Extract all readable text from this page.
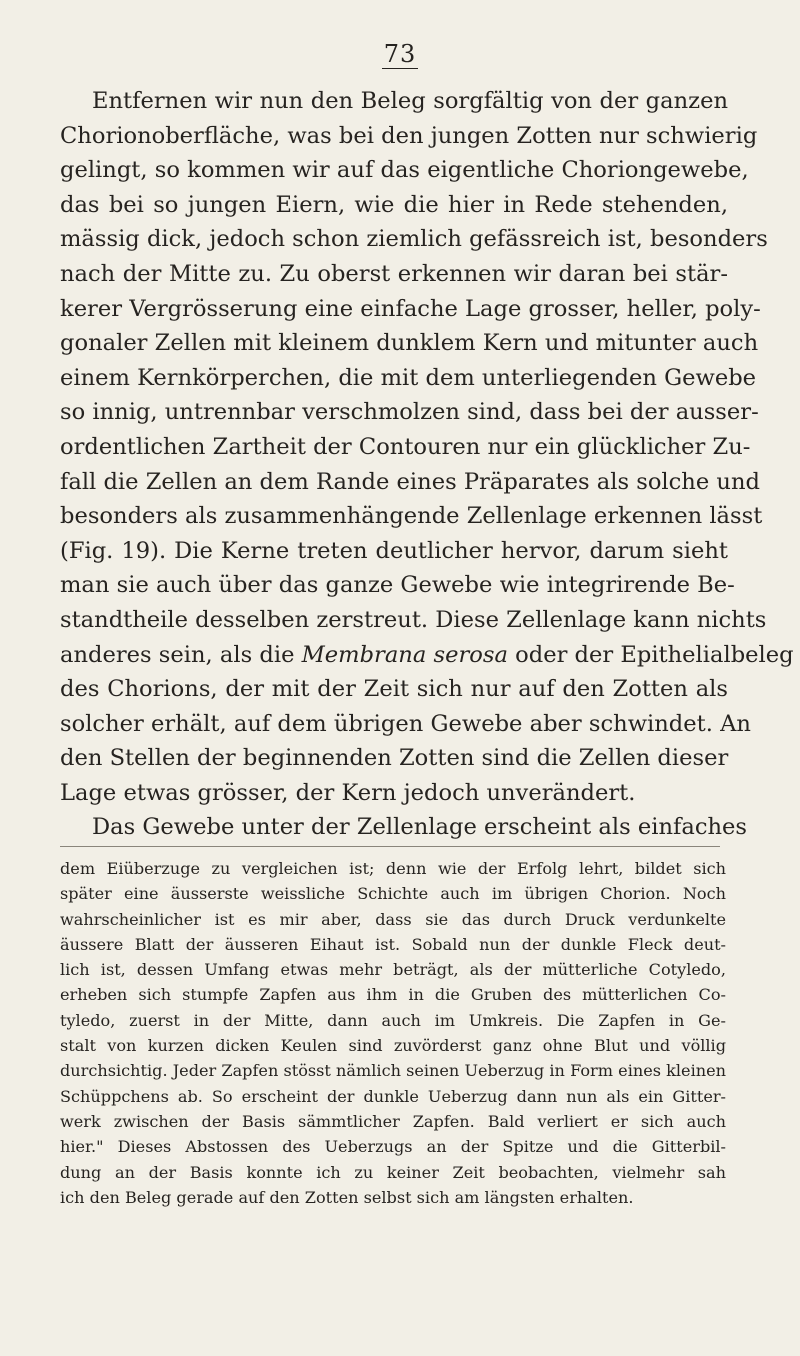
73
Entfernen wir nun den Beleg sorgfältig von der ganzen
Chorionoberfläche, was bei den jungen Zotten nur schwierig
gelingt, so kommen wir auf das eigentliche Choriongewebe,
das bei so jungen Eiern, wie die hier in Rede stehenden,
mässig dick, jedoch schon ziemlich gefässreich ist, besonders
nach der Mitte zu. Zu oberst erkennen wir daran bei stär-
kerer Vergrösserung eine einfache Lage grosser, heller, poly-
gonaler Zellen mit kleinem dunklem Kern und mitunter auch
einem Kernkörperchen, die mit dem unterliegenden Gewebe
so innig, untrennbar verschmolzen sind, dass bei der ausser-
ordentlichen Zartheit der Contouren nur ein glücklicher Zu-
fall die Zellen an dem Rande eines Präparates als solche und
besonders als zusammenhängende Zellenlage erkennen lässt
(Fig. 19). Die Kerne treten deutlicher hervor, darum sieht
man sie auch über das ganze Gewebe wie integrirende Be-
standtheile desselben zerstreut. Diese Zellenlage kann nichts
anderes sein, als die Membrana serosa oder der Epithelialbeleg
des Chorions, der mit der Zeit sich nur auf den Zotten als
solcher erhält, auf dem übrigen Gewebe aber schwindet. An
den Stellen der beginnenden Zotten sind die Zellen dieser
Lage etwas grösser, der Kern jedoch unverändert.
Das Gewebe unter der Zellenlage erscheint als einfaches
dem Eiüberzuge zu vergleichen ist; denn wie der Erfolg lehrt, bildet sich
später eine äusserste weissliche Schichte auch im übrigen Chorion. Noch
wahrscheinlicher ist es mir aber, dass sie das durch Druck verdunkelte
äussere Blatt der äusseren Eihaut ist. Sobald nun der dunkle Fleck deut-
lich ist, dessen Umfang etwas mehr beträgt, als der mütterliche Cotyledo,
erheben sich stumpfe Zapfen aus ihm in die Gruben des mütterlichen Co-
tyledo, zuerst in der Mitte, dann auch im Umkreis. Die Zapfen in Ge-
stalt von kurzen dicken Keulen sind zuvörderst ganz ohne Blut und völlig
durchsichtig. Jeder Zapfen stösst nämlich seinen Ueberzug in Form eines kleinen
Schüppchens ab. So erscheint der dunkle Ueberzug dann nun als ein Gitter-
werk zwischen der Basis sämmtlicher Zapfen. Bald verliert er sich auch
hier." Dieses Abstossen des Ueberzugs an der Spitze und die Gitterbil-
dung an der Basis konnte ich zu keiner Zeit beobachten, vielmehr sah
ich den Beleg gerade auf den Zotten selbst sich am längsten erhalten.
